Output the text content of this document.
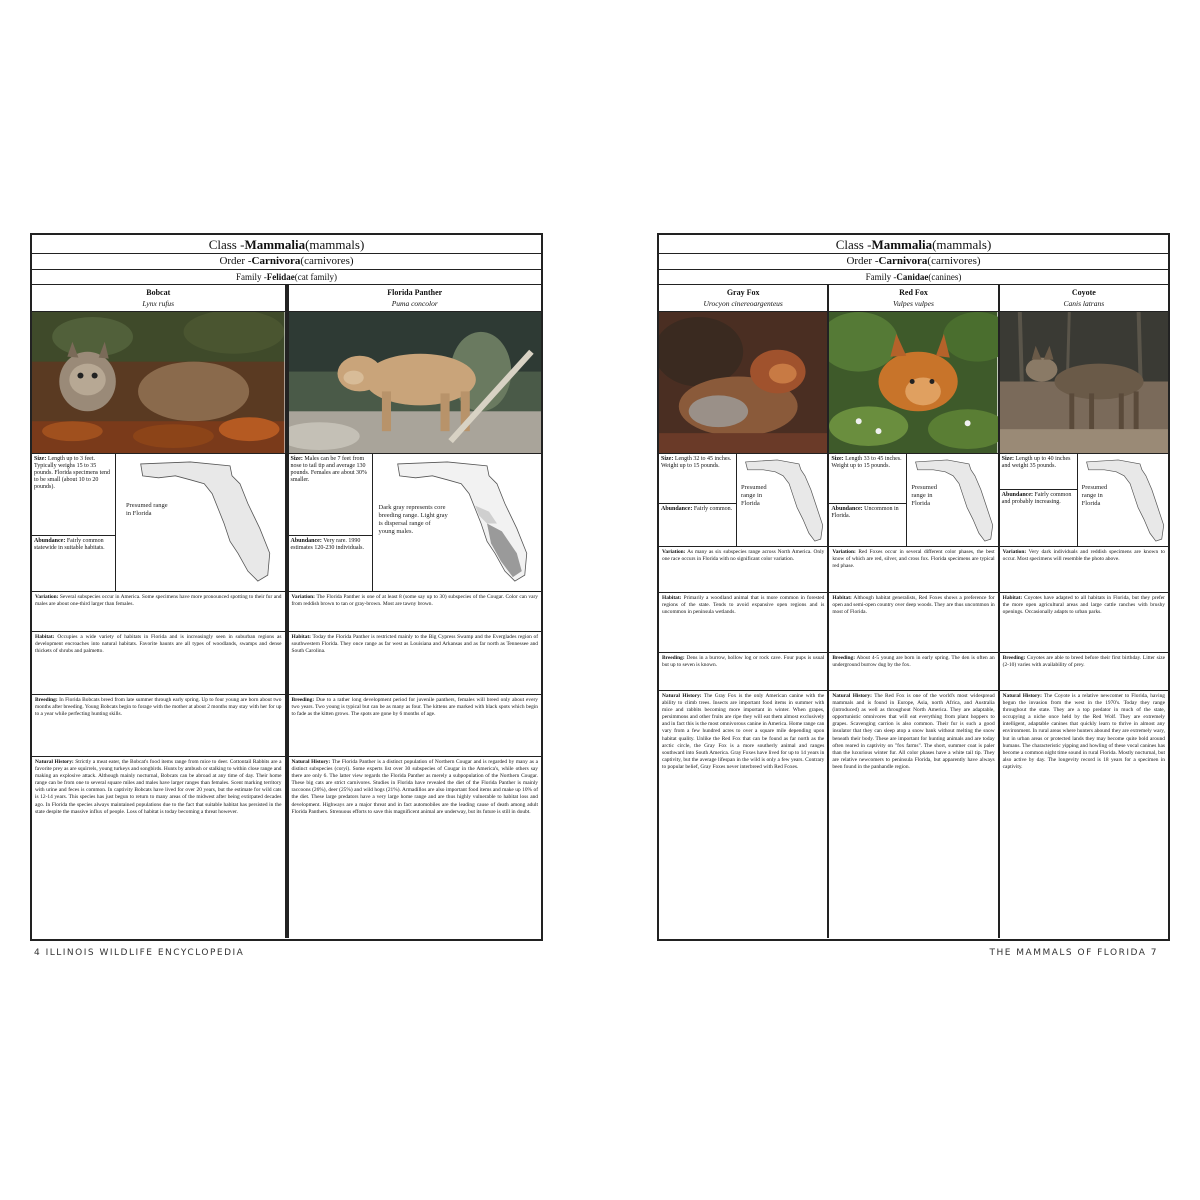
Class - Mammalia (mammals)
Order - Carnivora (carnivores)
Family - Felidae (cat family)
Bobcat
Lynx rufus
Size: Length up to 3 feet. Typically weighs 15 to 35 pounds. Florida specimens tend to be small (about 10 to 20 pounds).
Abundance: Fairly common statewide in suitable habitats.
Presumed range in Florida
Variation: Several subspecies occur in America. Some specimens have more pronounced spotting to their fur and males are about one-third larger than females.
Habitat: Occupies a wide variety of habitats in Florida and is increasingly seen in suburban regions as development encroaches into natural habitats. Favorite haunts are all types of woodlands, swamps and dense thickets of shrubs and palmetto.
Breeding: In Florida Bobcats breed from late summer through early spring. Up to four young are born about two months after breeding. Young Bobcats begin to forage with the mother at about 2 months may stay with her for up to a year while perfecting hunting skills.
Natural History: Strictly a meat eater, the Bobcat's food items range from mice to deer. Cottontail Rabbits are a favorite prey as are squirrels, young turkeys and songbirds. Hunts by ambush or stalking to within close range and making an explosive attack. Although mainly nocturnal, Bobcats can be abroad at any time of day. Their home range can be from one to several square miles and males have larger ranges than females. Scent marking territory with urine and feces is common. In captivity Bobcats have lived for over 20 years, but the estimate for wild cats is 12-14 years. This species has just begun to return to many areas of the midwest after being extirpated decades ago. In Florida the species always maintained populations due to the fact that suitable habitat has persisted in the state despite the massive influx of people. Loss of habitat is today becoming a threat however.
Florida Panther
Puma concolor
Size: Males can be 7 feet from nose to tail tip and average 130 pounds. Females are about 30% smaller.
Abundance: Very rare. 1990 estimates 120-230 individuals.
Dark gray represents core breeding range. Light gray is dispersal range of young males.
Variation: The Florida Panther is one of at least 8 (some say up to 30) subspecies of the Cougar. Color can vary from reddish brown to tan or gray-brown. Most are tawny brown.
Habitat: Today the Florida Panther is restricted mainly to the Big Cypress Swamp and the Everglades region of southwestern Florida. They once range as far west as Louisiana and Arkansas and as far north as Tennessee and South Carolina.
Breeding: Due to a rather long development period for juvenile panthers, females will breed only about every two years. Two young is typical but can be as many as four. The kittens are marked with black spots which begin to fade as the kitten grows. The spots are gone by 6 months of age.
Natural History: The Florida Panther is a distinct population of Northern Cougar and is regarded by many as a distinct subspecies (coryi). Some experts list over 30 subspecies of Cougar in the America's, while others say there are only 6. The latter view regards the Florida Panther as merely a subpopulation of the Northern Cougar. These big cats are strict carnivores. Studies in Florida have revealed the diet of the Florida Panther is mainly raccoons (26%), deer (25%) and wild hogs (21%). Armadillos are also important food items and make up 10% of the diet. These large predators have a very large home range and are thus highly vulnerable to habitat loss and development. Highways are a major threat and in fact automobiles are the leading cause of death among adult Florida Panthers. Strenuous efforts to save this magnificent animal are underway, but its future is still in doubt.
Class - Mammalia (mammals)
Order - Carnivora (carnivores)
Family - Canidae (canines)
Gray Fox
Urocyon cinereoargenteus
Size: Length 32 to 45 inches. Weight up to 15 pounds.
Abundance: Fairly common.
Presumed range in Florida
Variation: As many as six subspecies range across North America. Only one race occurs in Florida with no significant color variation.
Habitat: Primarily a woodland animal that is more common in forested regions of the state. Tends to avoid expansive open regions and is uncommon in peninsula wetlands.
Breeding: Dens in a burrow, hollow log or rock cave. Four pups is usual but up to seven is known.
Natural History: The Gray Fox is the only American canine with the ability to climb trees. Insects are important food items in summer with mice and rabbits becoming more important in winter. When grapes, persimmons and other fruits are ripe they will eat them almost exclusively and in fact this is the most omnivorous canine in America. Home range can vary from a few hundred acres to over a square mile depending upon habitat quality. Unlike the Red Fox that can be found as far north as the arctic circle, the Gray Fox is a more southerly animal and ranges southward into South America. Gray Foxes have lived for up to 14 years in captivity, but the average lifespan in the wild is only a few years. Contrary to popular belief, Gray Foxes never interbreed with Red Foxes.
Red Fox
Vulpes vulpes
Size: Length 33 to 45 inches. Weight up to 15 pounds.
Abundance: Uncommon in Florida.
Presumed range in Florida
Variation: Red Foxes occur in several different color phases, the best know of which are red, silver, and cross fox. Florida specimens are typical red phase.
Habitat: Although habitat generalists, Red Foxes shows a preference for open and semi-open country over deep woods. They are thus uncommon in most of Florida.
Breeding: About 4-5 young are born in early spring. The den is often an underground burrow dug by the fox.
Natural History: The Red Fox is one of the world's most widespread mammals and is found in Europe, Asia, north Africa, and Australia (introduced) as well as throughout North America. They are adaptable, opportunistic omnivores that will eat everything from plant hoppers to grapes. Scavenging carrion is also common. Their fur is such a good insulator that they can sleep atop a snow bank without melting the snow beneath their body. These are important for hunting animals and are today often reared in captivity on "fox farms". The short, summer coat is paler than the luxurious winter fur. All color phases have a white tail tip. They are relative newcomers to peninsula Florida, but apparently have always been found in the panhandle region.
Coyote
Canis latrans
Size: Length up to 40 inches and weight 35 pounds.
Abundance: Fairly common and probably increasing.
Presumed range in Florida
Variation: Very dark individuals and reddish specimens are known to occur. Most specimens will resemble the photo above.
Habitat: Coyotes have adapted to all habitats in Florida, but they prefer the more open agricultural areas and large cattle ranches with brushy openings. Occasionally adapts to urban parks.
Breeding: Coyotes are able to breed before their first birthday. Litter size (2-10) varies with availability of prey.
Natural History: The Coyote is a relative newcomer to Florida, having begun the invasion from the west in the 1970's. Today they range throughout the state. They are a top predator in much of the state, occupying a niche once held by the Red Wolf. They are extremely intelligent, adaptable canines that quickly learn to thrive in almost any environment. In rural areas where hunters abound they are extremely wary, but in urban areas or protected lands they may become quite bold around humans. The characteristic yipping and howling of these vocal canines has become a common night time sound in rural Florida. Mostly nocturnal, but also active by day. The longevity record is 18 years for a specimen in captivity.
4 ILLINOIS WILDLIFE ENCYCLOPEDIA	THE MAMMALS OF FLORIDA 7
